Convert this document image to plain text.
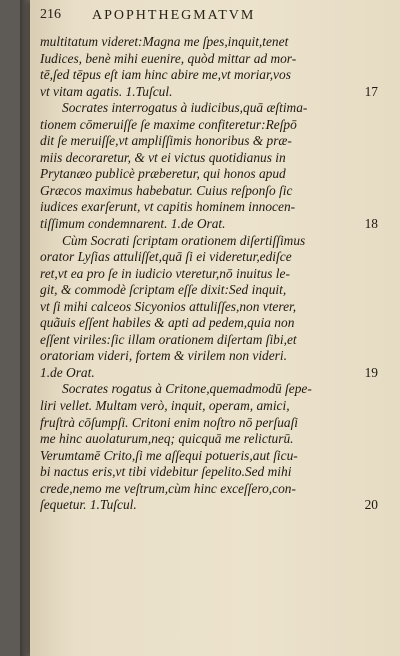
216 APOPHTHEGMATVM
multitatum videret:Magna me ſpes,inquit,tenet
Iudices, benè mihi euenire, quòd mittar ad mor-
tē,ſed tēpus eſt iam hinc abire me,vt moriar,vos
17
vt vitam agatis. 1.Tuſcul.
Socrates interrogatus à iudicibus,quā æſtima-
tionem cōmeruiſſe ſe maxime confiteretur:Reſpō
dit ſe meruiſſe,vt ampliſſimis honoribus & præ-
miis decoraretur, & vt ei victus quotidianus in
Prytanæo publicè præberetur, qui honos apud
Græcos maximus habebatur. Cuius reſponſo ſic
iudices exarſerunt, vt capitis hominem innocen-
18
tiſſimum condemnarent. 1.de Orat.
Cùm Socrati ſcriptam orationem diſertiſſimus
orator Lyſias attuliſſet,quā ſi ei videretur,ediſce
ret,vt ea pro ſe in iudicio vteretur,nō inuitus le-
git, & commodè ſcriptam eſſe dixit:Sed inquit,
vt ſi mihi calceos Sicyonios attuliſſes,non vterer,
quãuis eſſent habiles & apti ad pedem,quia non
eſſent viriles:ſic illam orationem diſertam ſibi,et
oratoriam videri, fortem & virilem non videri.
19
1.de Orat.
Socrates rogatus à Critone,quemadmodū ſepe-
liri vellet. Multam verò, inquit, operam, amici,
fruſtrà cōſumpſi. Critoni enim noſtro nō perſuaſi
me hinc auolaturum,neq; quicquā me relicturū.
Verumtamē Crito,ſi me aſſequi potueris,aut ſicu-
bi nactus eris,vt tibi videbitur ſepelito.Sed mihi
crede,nemo me veſtrum,cùm hinc exceſſero,con-
20
ſequetur. 1.Tuſcul.
